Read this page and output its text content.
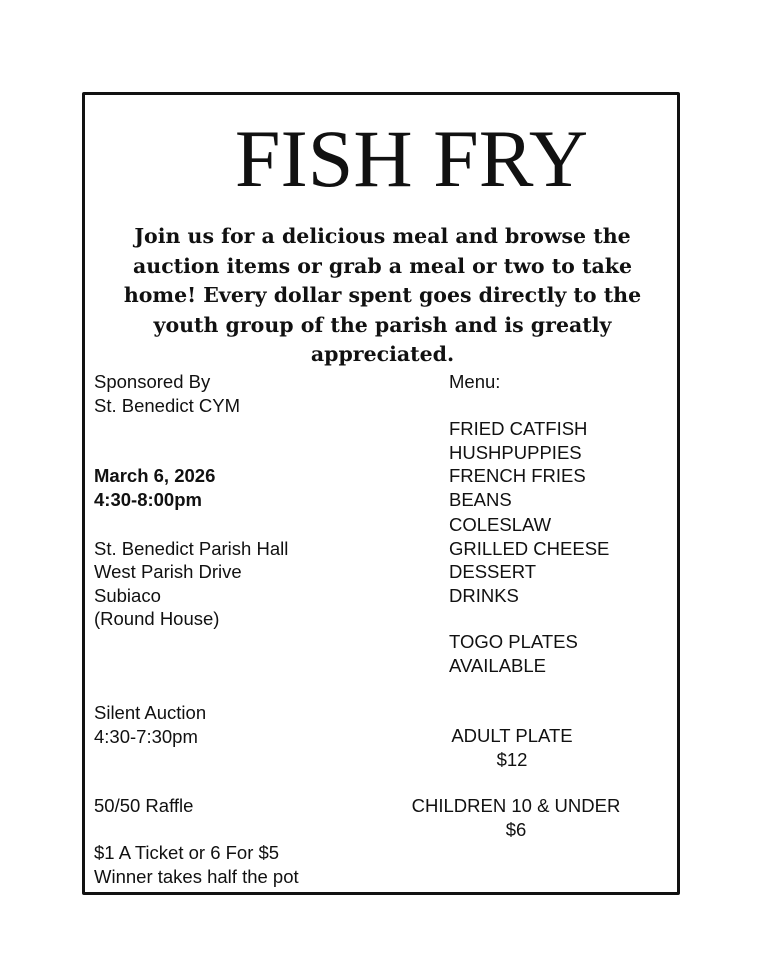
FISH FRY
Join us for a delicious meal and browse the auction items or grab a meal or two to take home! Every dollar spent goes directly to the youth group of the parish and is greatly appreciated.
Sponsored By
St. Benedict CYM
March 6, 2026
4:30-8:00pm
St. Benedict Parish Hall
West Parish Drive
Subiaco
(Round House)
Silent Auction
4:30-7:30pm
50/50 Raffle
$1 A Ticket or 6 For $5
Winner takes half the pot
Menu:
FRIED CATFISH
HUSHPUPPIES
FRENCH FRIES
BEANS
COLESLAW
GRILLED CHEESE
DESSERT
DRINKS
TOGO PLATES
AVAILABLE
ADULT PLATE
$12
CHILDREN 10 & UNDER
$6
